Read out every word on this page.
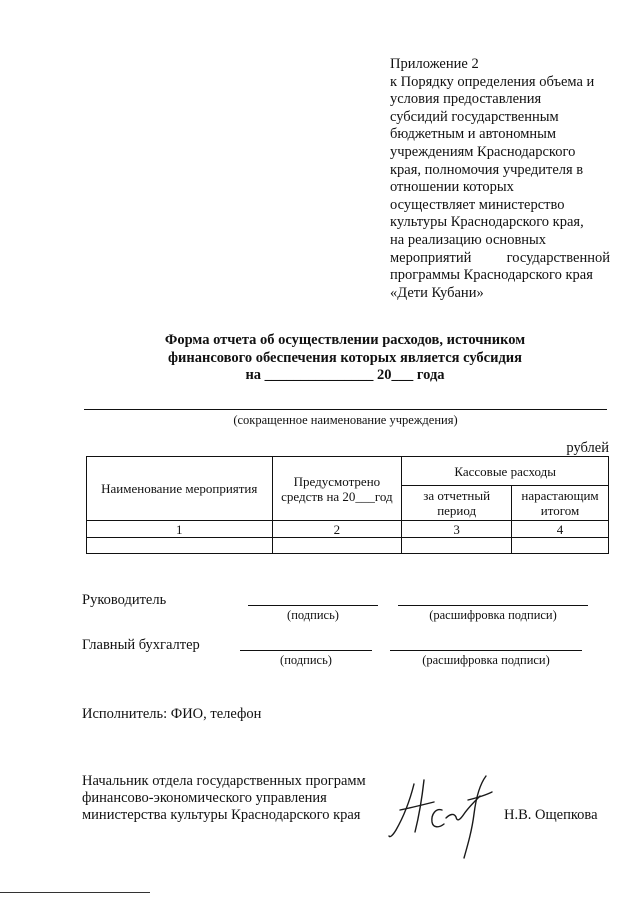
Приложение 2
к Порядку определения объема и
условия предоставления
субсидий государственным
бюджетным и автономным
учреждениям Краснодарского
края, полномочия учредителя в
отношении которых
осуществляет министерство
культуры Краснодарского края,
на реализацию основных
мероприятий государственной
программы Краснодарского края
«Дети Кубани»
Форма отчета об осуществлении расходов, источником
финансового обеспечения которых является субсидия
на _______________ 20___ года
(сокращенное наименование учреждения)
рублей
Наименование мероприятия	Предусмотрено средств на 20___год	Кассовые расходы	
		за отчетный период	нарастающим итогом
1	2	3	4

Руководитель
(подпись)	(расшифровка подписи)
Главный бухгалтер
(подпись)	(расшифровка подписи)
Исполнитель: ФИО, телефон
Начальник отдела государственных программ
финансово-экономического управления
министерства культуры Краснодарского края	Н.В. Ощепкова
